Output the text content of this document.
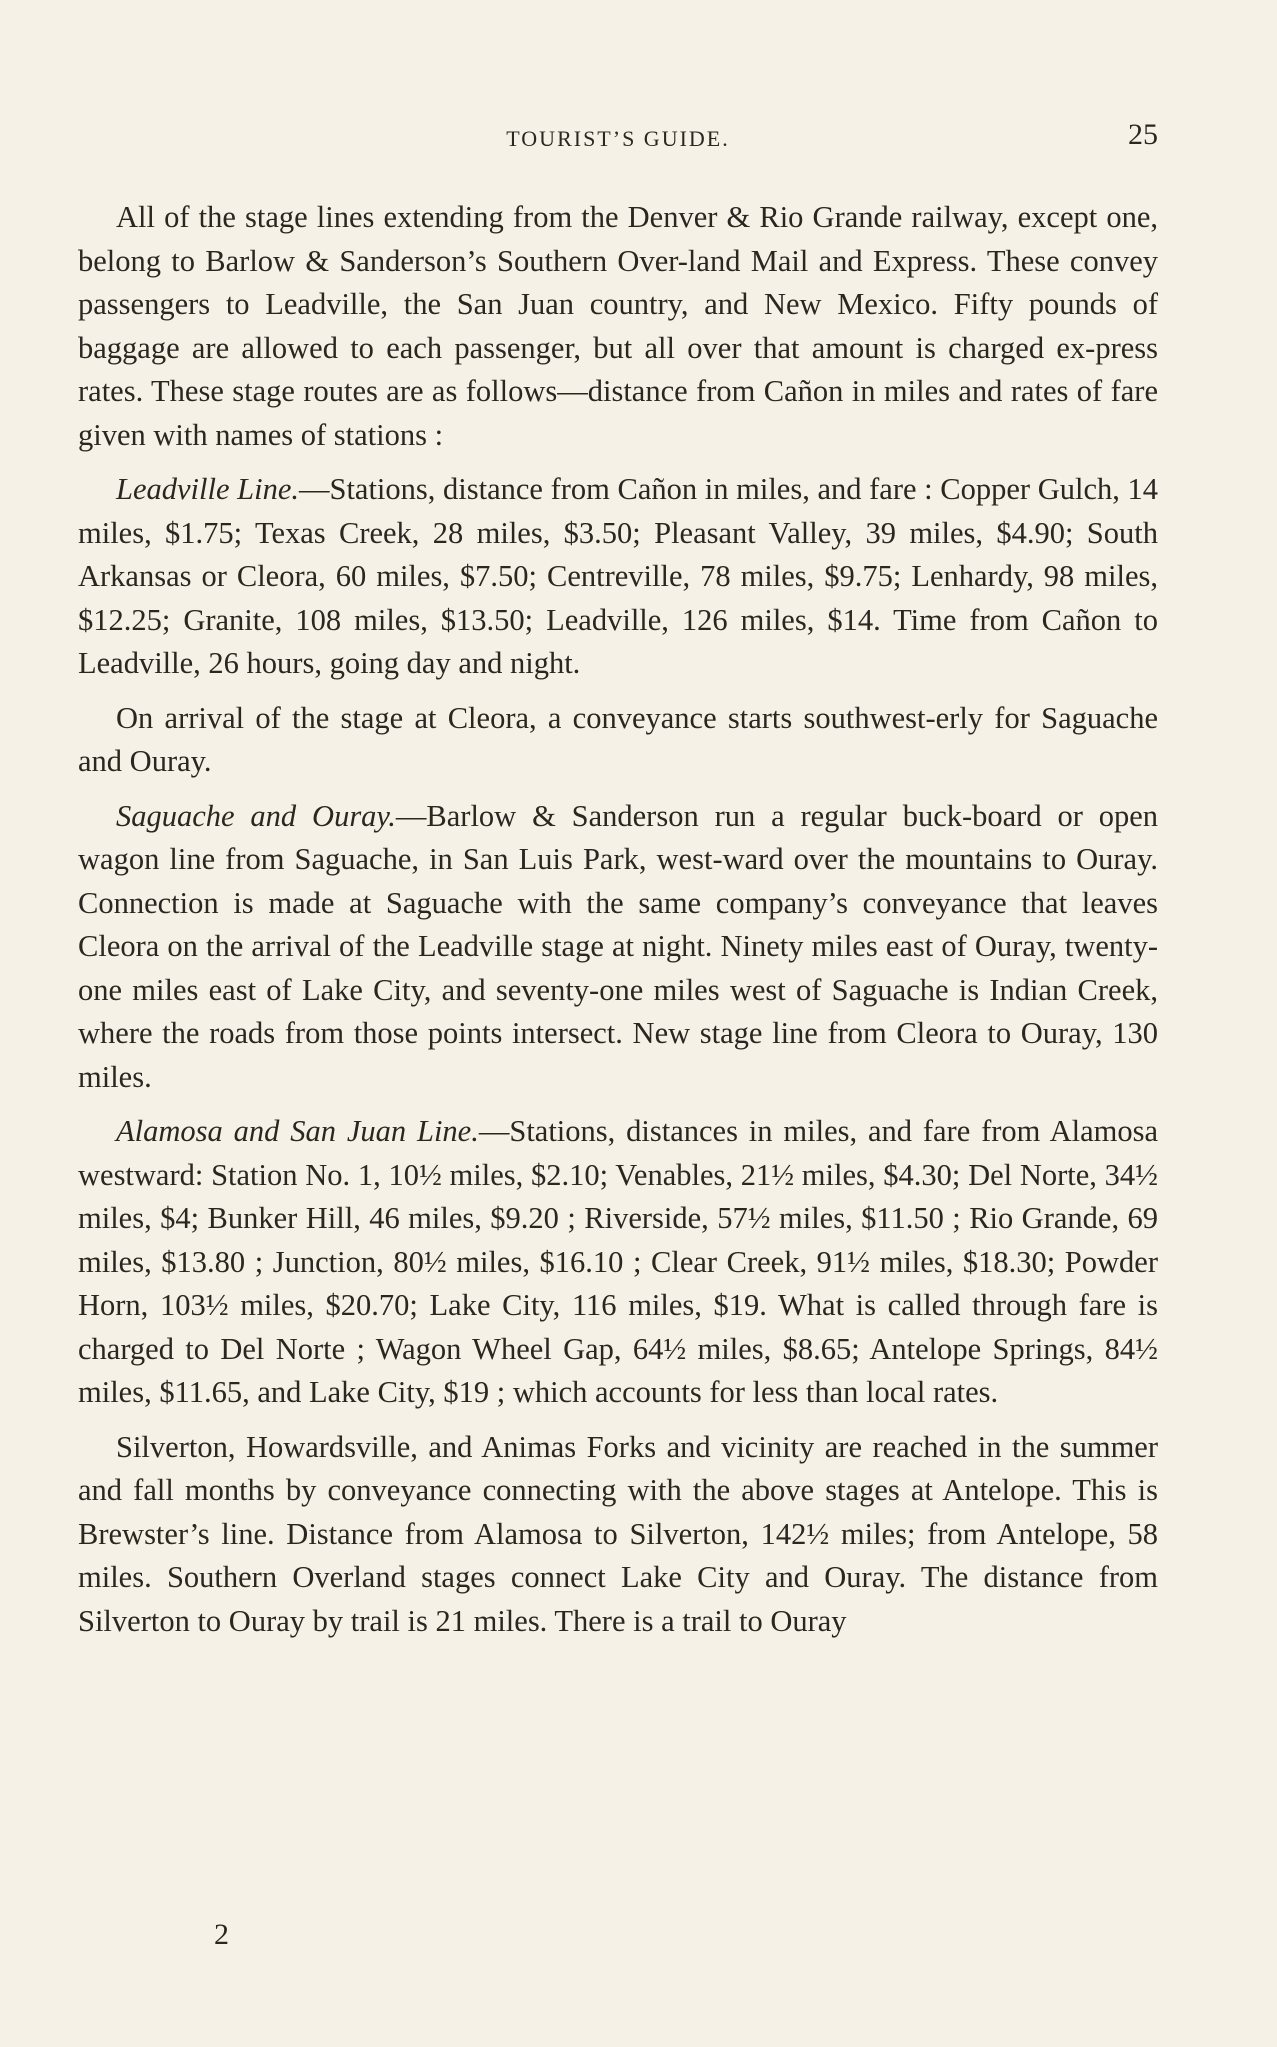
TOURIST’S GUIDE.	25

All of the stage lines extending from the Denver & Rio Grande railway, except one, belong to Barlow & Sanderson’s Southern Over-land Mail and Express. These convey passengers to Leadville, the San Juan country, and New Mexico. Fifty pounds of baggage are allowed to each passenger, but all over that amount is charged ex-press rates. These stage routes are as follows—distance from Cañon in miles and rates of fare given with names of stations :

Leadville Line.—Stations, distance from Cañon in miles, and fare : Copper Gulch, 14 miles, $1.75; Texas Creek, 28 miles, $3.50; Pleasant Valley, 39 miles, $4.90; South Arkansas or Cleora, 60 miles, $7.50; Centreville, 78 miles, $9.75; Lenhardy, 98 miles, $12.25; Granite, 108 miles, $13.50; Leadville, 126 miles, $14. Time from Cañon to Leadville, 26 hours, going day and night.

On arrival of the stage at Cleora, a conveyance starts southwest-erly for Saguache and Ouray.

Saguache and Ouray.—Barlow & Sanderson run a regular buck-board or open wagon line from Saguache, in San Luis Park, west-ward over the mountains to Ouray. Connection is made at Saguache with the same company’s conveyance that leaves Cleora on the arrival of the Leadville stage at night. Ninety miles east of Ouray, twenty-one miles east of Lake City, and seventy-one miles west of Saguache is Indian Creek, where the roads from those points intersect. New stage line from Cleora to Ouray, 130 miles.

Alamosa and San Juan Line.—Stations, distances in miles, and fare from Alamosa westward: Station No. 1, 10½ miles, $2.10; Venables, 21½ miles, $4.30; Del Norte, 34½ miles, $4; Bunker Hill, 46 miles, $9.20 ; Riverside, 57½ miles, $11.50 ; Rio Grande, 69 miles, $13.80 ; Junction, 80½ miles, $16.10 ; Clear Creek, 91½ miles, $18.30; Powder Horn, 103½ miles, $20.70; Lake City, 116 miles, $19. What is called through fare is charged to Del Norte ; Wagon Wheel Gap, 64½ miles, $8.65; Antelope Springs, 84½ miles, $11.65, and Lake City, $19 ; which accounts for less than local rates.

Silverton, Howardsville, and Animas Forks and vicinity are reached in the summer and fall months by conveyance connecting with the above stages at Antelope. This is Brewster’s line. Distance from Alamosa to Silverton, 142½ miles; from Antelope, 58 miles. Southern Overland stages connect Lake City and Ouray. The distance from Silverton to Ouray by trail is 21 miles. There is a trail to Ouray

2
